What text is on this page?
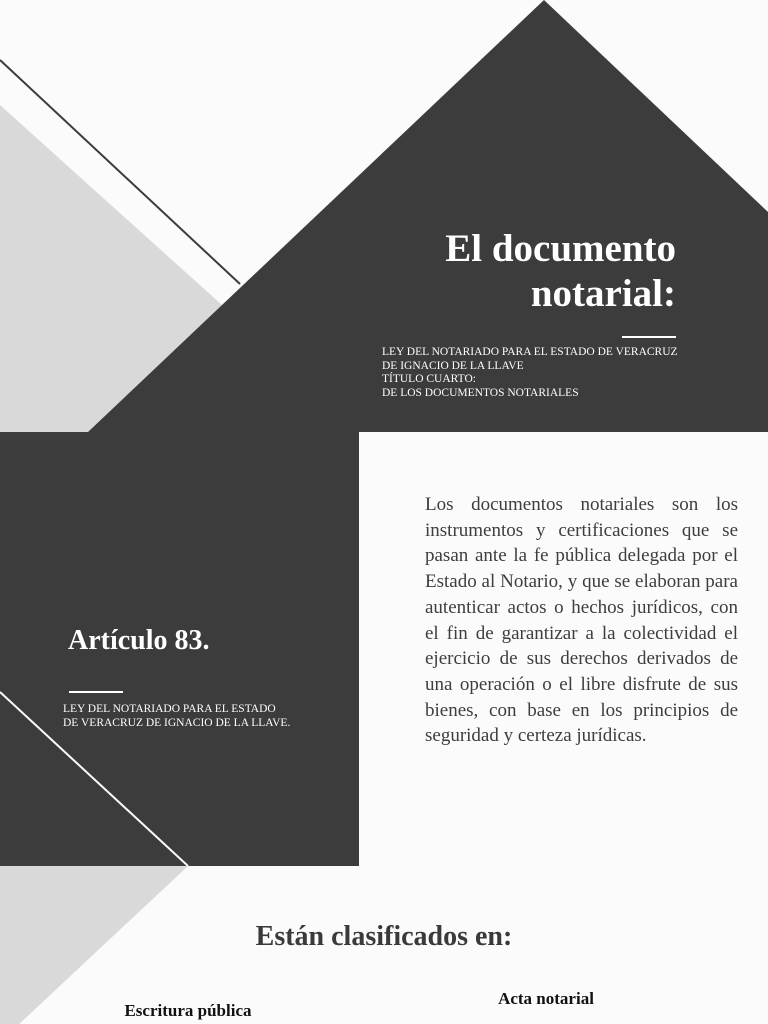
El documento
notarial:
LEY DEL NOTARIADO PARA EL ESTADO DE VERACRUZ
DE IGNACIO DE LA LLAVE
TÍTULO CUARTO:
DE LOS DOCUMENTOS NOTARIALES
Artículo 83.
LEY DEL NOTARIADO PARA EL ESTADO
DE VERACRUZ DE IGNACIO DE LA LLAVE.

Los documentos notariales son los instrumentos y certificaciones que se pasan ante la fe pública delegada por el Estado al Notario, y que se elaboran para autenticar actos o hechos jurídicos, con el fin de garantizar a la colectividad el ejercicio de sus derechos derivados de una operación o el libre disfrute de sus bienes, con base en los principios de seguridad y certeza jurídicas.

Están clasificados en:
Escritura pública
Acta notarial
